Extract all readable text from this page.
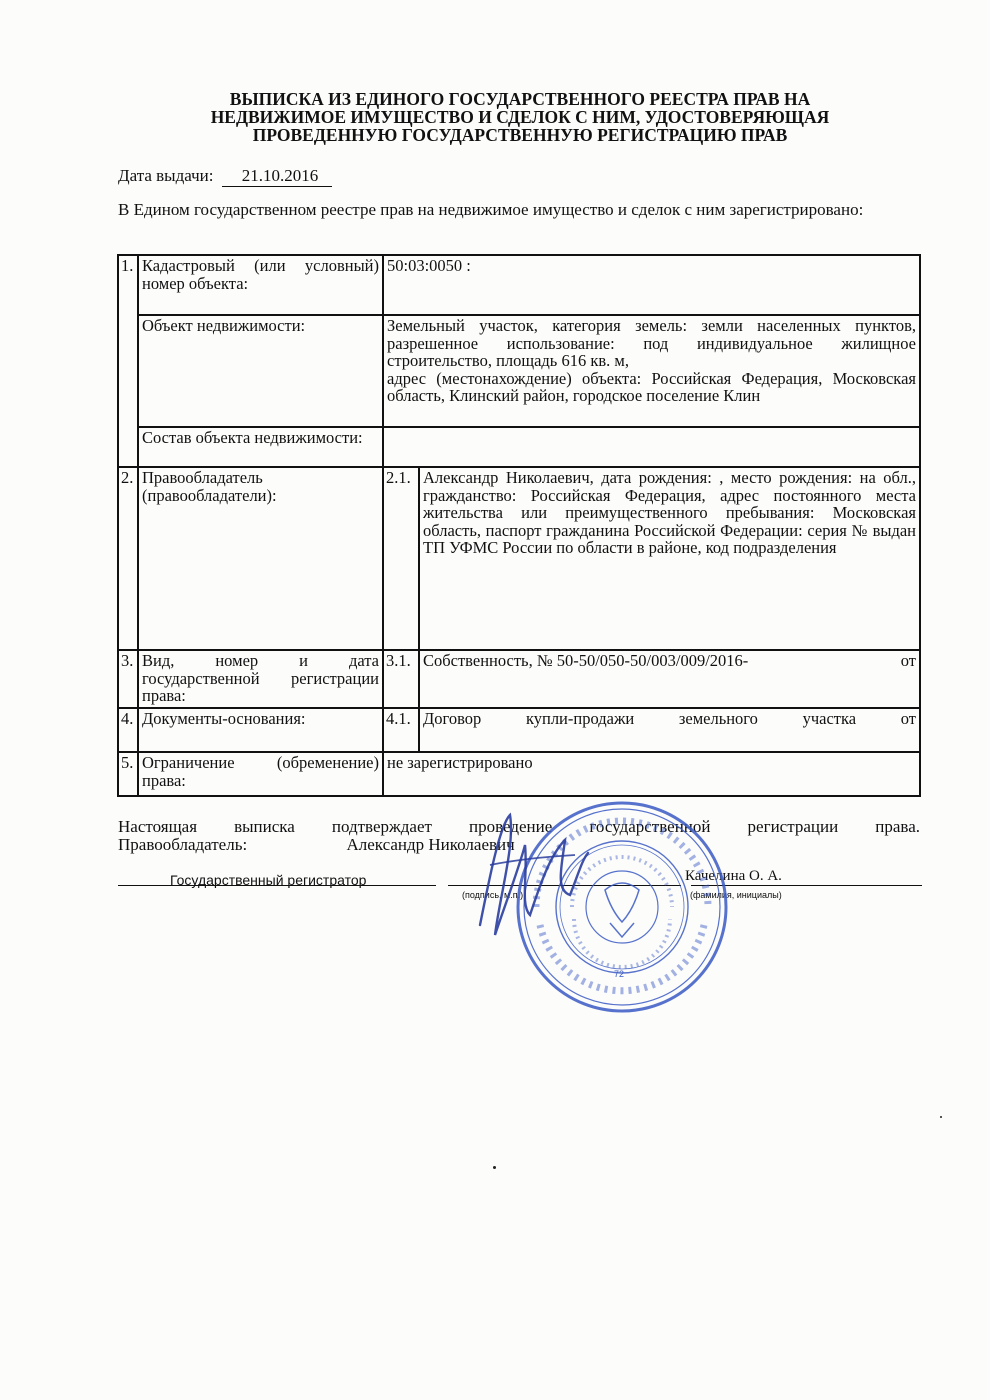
ВЫПИСКА ИЗ ЕДИНОГО ГОСУДАРСТВЕННОГО РЕЕСТРА ПРАВ НА
НЕДВИЖИМОЕ ИМУЩЕСТВО И СДЕЛОК С НИМ, УДОСТОВЕРЯЮЩАЯ
ПРОВЕДЕННУЮ ГОСУДАРСТВЕННУЮ РЕГИСТРАЦИЮ ПРАВ
Дата выдачи: 21.10.2016
В Едином государственном реестре прав на недвижимое имущество и сделок с ним зарегистрировано:
1.	Кадастровый (или условный) номер объекта:	50:03:0050 :	
	Объект недвижимости:	Земельный участок, категория земель: земли населенных пунктов, разрешенное использование: под индивидуальное жилищное строительство, площадь 616 кв. м,
адрес (местонахождение) объекта: Российская Федерация, Московская область, Клинский район, городское поселение Клин	

	Состав объекта недвижимости:		
2.	Правообладатель (правообладатели):	2.1.	Александр Николаевич, дата рождения: , место рождения: на обл., гражданство: Российская Федерация, адрес постоянного места жительства или преимущественного пребывания: Московская область, паспорт гражданина Российской Федерации: серия № выдан ТП УФМС России по области в районе, код подразделения
3.	Вид, номер и дата государственной регистрации права:	3.1.	Собственность, № 50-50/050-50/003/009/2016- от

4.	Документы-основания:	4.1.	Договор купли-продажи земельного участка от
5.	Ограничение (обременение) права:	не зарегистрировано	
Настоящая выписка подтверждает проведение государственной регистрации права.
Правообладатель:	Александр Николаевич
Государственный регистратор	Качелина О. А.
(подпись, м.п.)	(фамилия, инициалы)
72
